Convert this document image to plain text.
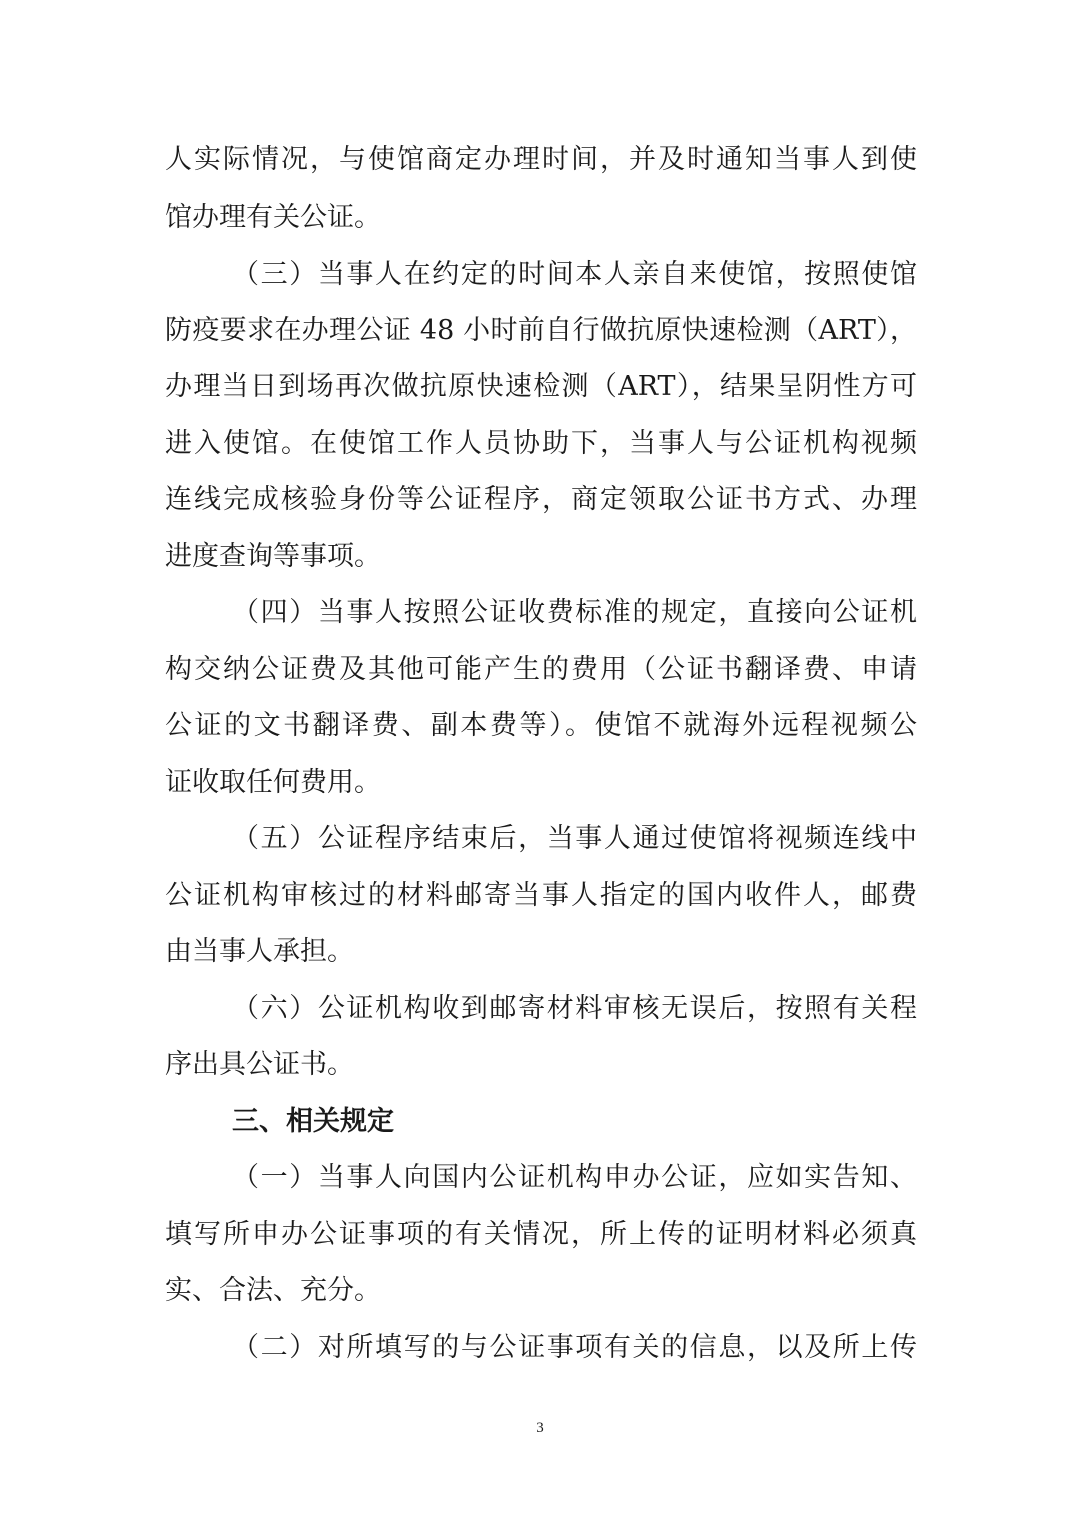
人实际情况，与使馆商定办理时间，并及时通知当事人到使
馆办理有关公证。
（三）当事人在约定的时间本人亲自来使馆，按照使馆
防疫要求在办理公证 48 小时前自行做抗原快速检测（ART），
办理当日到场再次做抗原快速检测（ART），结果呈阴性方可
进入使馆。在使馆工作人员协助下，当事人与公证机构视频
连线完成核验身份等公证程序，商定领取公证书方式、办理
进度查询等事项。
（四）当事人按照公证收费标准的规定，直接向公证机
构交纳公证费及其他可能产生的费用（公证书翻译费、申请
公证的文书翻译费、副本费等）。使馆不就海外远程视频公
证收取任何费用。
（五）公证程序结束后，当事人通过使馆将视频连线中
公证机构审核过的材料邮寄当事人指定的国内收件人，邮费
由当事人承担。
（六）公证机构收到邮寄材料审核无误后，按照有关程
序出具公证书。
三、相关规定
（一）当事人向国内公证机构申办公证，应如实告知、
填写所申办公证事项的有关情况，所上传的证明材料必须真
实、合法、充分。
（二）对所填写的与公证事项有关的信息，以及所上传
3
